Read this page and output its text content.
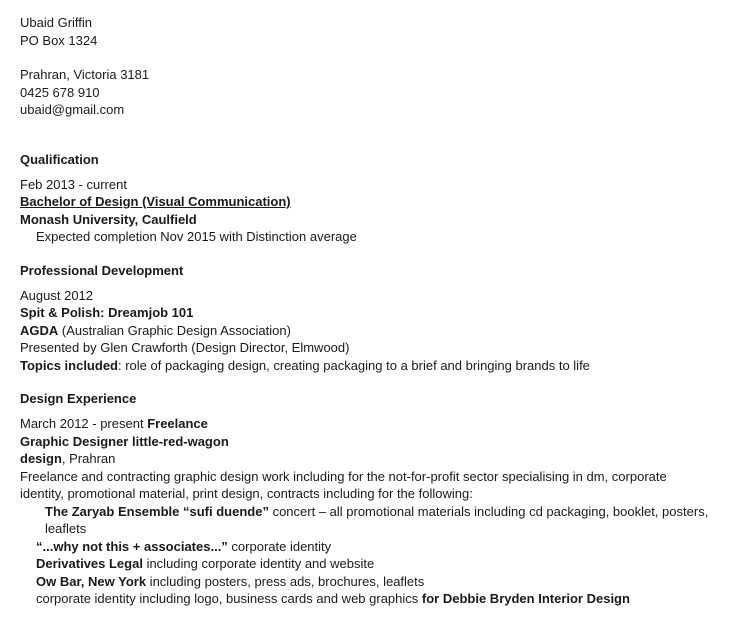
Ubaid Griffin
PO Box 1324
Prahran, Victoria 3181
0425 678 910
ubaid@gmail.com
Qualification
Feb 2013 - current
Bachelor of Design (Visual Communication)
Monash University, Caulfield
Expected completion Nov 2015 with Distinction average
Professional Development
August 2012
Spit & Polish: Dreamjob 101
AGDA (Australian Graphic Design Association)
Presented by Glen Crawforth (Design Director, Elmwood)
Topics included: role of packaging design, creating packaging to a brief and bringing brands to life
Design Experience
March 2012 - present Freelance
Graphic Designer little-red-wagon
design, Prahran
Freelance and contracting graphic design work including for the not-for-profit sector specialising in dm, corporate
identity, promotional material, print design, contracts including for the following:
The Zaryab Ensemble “sufi duende” concert – all promotional materials including cd packaging, booklet, posters,
leaflets
“...why not this + associates...” corporate identity
Derivatives Legal including corporate identity and website
Ow Bar, New York including posters, press ads, brochures, leaflets
corporate identity including logo, business cards and web graphics for Debbie Bryden Interior Design
